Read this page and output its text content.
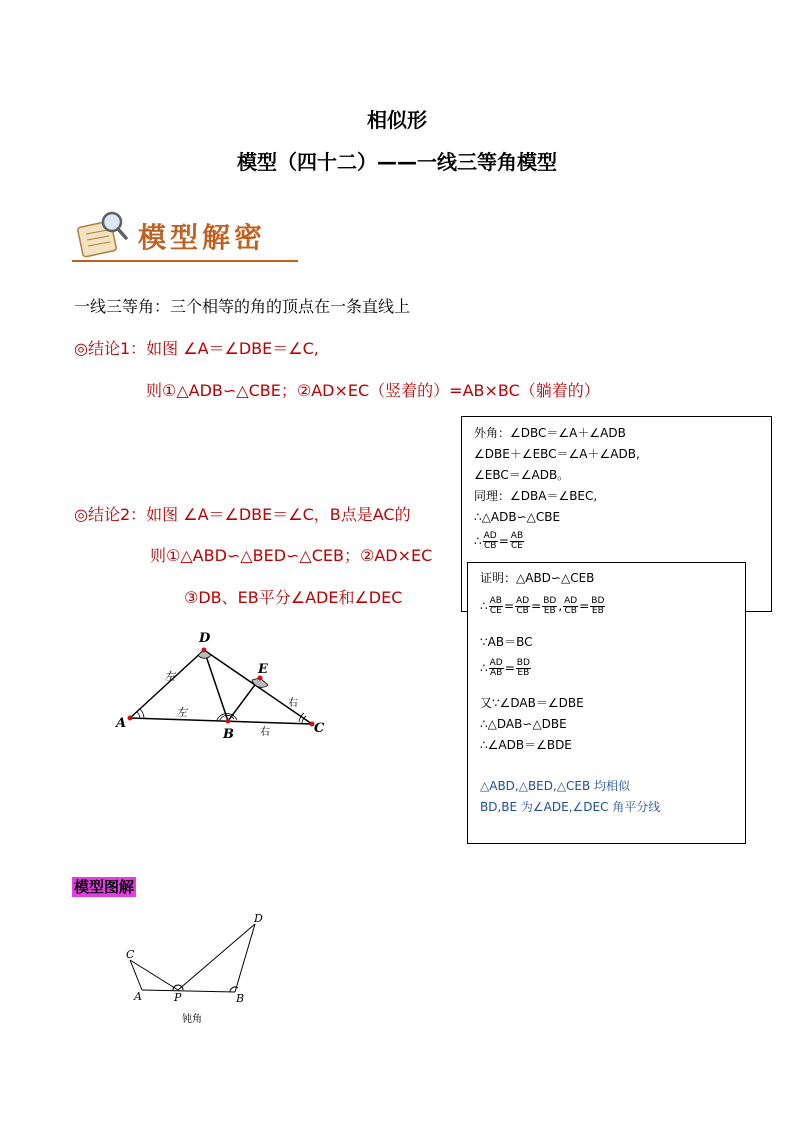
相似形
模型（四十二）——一线三等角模型
模型解密
一线三等角：三个相等的角的顶点在一条直线上
◎结论1：如图 ∠A＝∠DBE＝∠C,
则①△ADB∽△CBE；②AD×EC（竖着的）=AB×BC（躺着的）
◎结论2：如图 ∠A＝∠DBE＝∠C，B点是AC的
则①△ABD∽△BED∽△CEB；②AD×EC
③DB、EB平分∠ADE和∠DEC
外角：∠DBC＝∠A＋∠ADB
∠DBE＋∠EBC＝∠A＋∠ADB,
∠EBC＝∠ADB。
同理：∠DBA＝∠BEC,
∴△ADB∽△CBE
∴ $\frac{AD}{CB} = \frac{AB}{CE}$
证明：△ABD∽△CEB
∴ $\frac{AB}{CE} = \frac{AD}{CB} = \frac{BD}{EB}$ , $\frac{AD}{CB} = \frac{BD}{EB}$
∵AB＝BC
∴ $\frac{AD}{AB} = \frac{BD}{EB}$
又∵∠DAB＝∠DBE
∴△DAB∽△DBE
∴∠ADB＝∠BDE
△ABD,△BED,△CEB 均相似
BD,BE 为∠ADE,∠DEC 角平分线
A
D
B
E
C
左
左
右
右
模型图解
C
A	P	B
D
钝角
